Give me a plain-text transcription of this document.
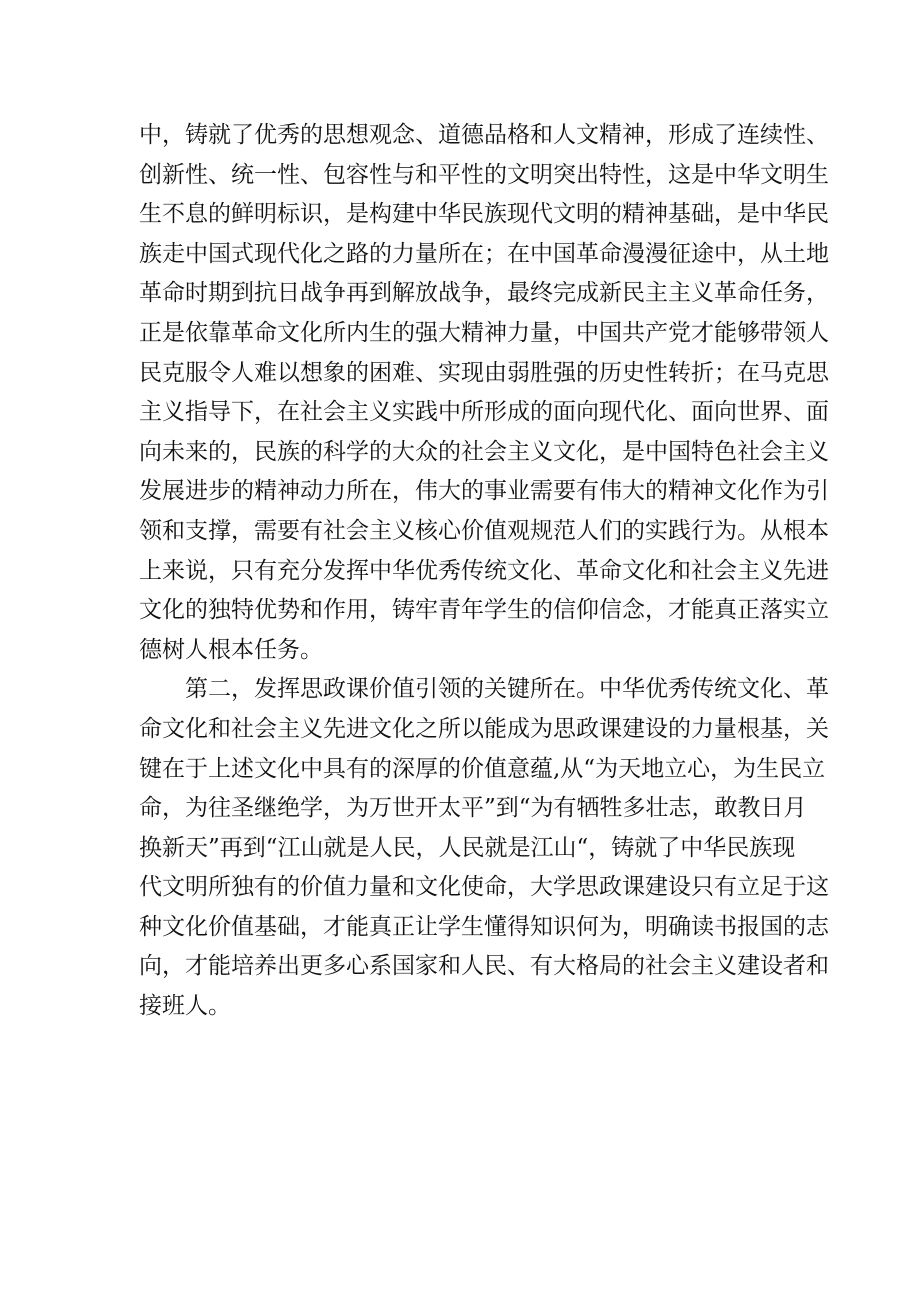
中，铸就了优秀的思想观念、道德品格和人文精神，形成了连续性、
创新性、统一性、包容性与和平性的文明突出特性，这是中华文明生
生不息的鲜明标识，是构建中华民族现代文明的精神基础，是中华民
族走中国式现代化之路的力量所在；在中国革命漫漫征途中，从土地
革命时期到抗日战争再到解放战争，最终完成新民主主义革命任务，
正是依靠革命文化所内生的强大精神力量，中国共产党才能够带领人
民克服令人难以想象的困难、实现由弱胜强的历史性转折；在马克思
主义指导下，在社会主义实践中所形成的面向现代化、面向世界、面
向未来的，民族的科学的大众的社会主义文化，是中国特色社会主义
发展进步的精神动力所在，伟大的事业需要有伟大的精神文化作为引
领和支撑，需要有社会主义核心价值观规范人们的实践行为。从根本
上来说，只有充分发挥中华优秀传统文化、革命文化和社会主义先进
文化的独特优势和作用，铸牢青年学生的信仰信念，才能真正落实立
德树人根本任务。
第二，发挥思政课价值引领的关键所在。中华优秀传统文化、革
命文化和社会主义先进文化之所以能成为思政课建设的力量根基，关
键在于上述文化中具有的深厚的价值意蕴,从“为天地立心，为生民立
命，为往圣继绝学，为万世开太平”到“为有牺牲多壮志，敢教日月
换新天”再到“江山就是人民，人民就是江山“，铸就了中华民族现
代文明所独有的价值力量和文化使命，大学思政课建设只有立足于这
种文化价值基础，才能真正让学生懂得知识何为，明确读书报国的志
向，才能培养出更多心系国家和人民、有大格局的社会主义建设者和
接班人。
